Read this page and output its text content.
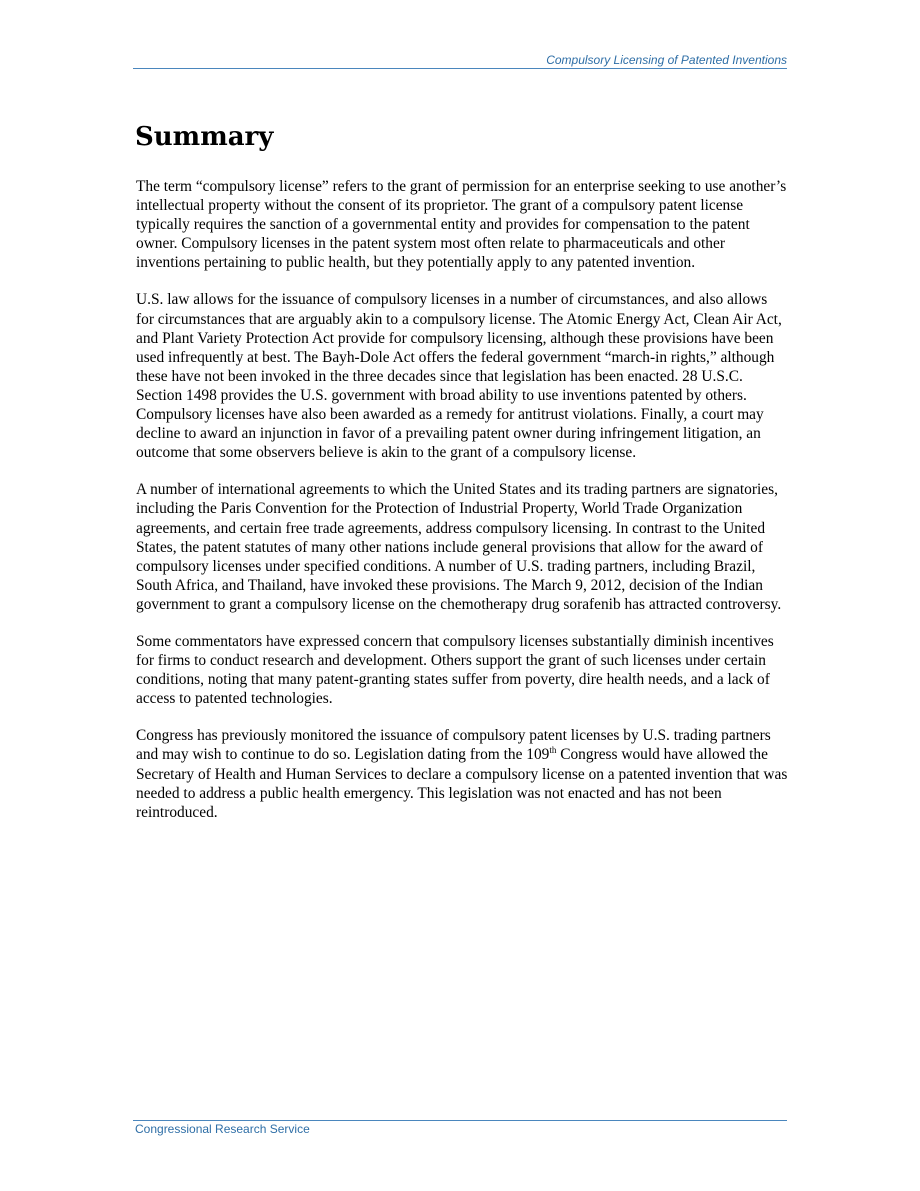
Compulsory Licensing of Patented Inventions
Summary

The term “compulsory license” refers to the grant of permission for an enterprise seeking to use another’s intellectual property without the consent of its proprietor. The grant of a compulsory patent license typically requires the sanction of a governmental entity and provides for compensation to the patent owner. Compulsory licenses in the patent system most often relate to pharmaceuticals and other inventions pertaining to public health, but they potentially apply to any patented invention.

U.S. law allows for the issuance of compulsory licenses in a number of circumstances, and also allows for circumstances that are arguably akin to a compulsory license. The Atomic Energy Act, Clean Air Act, and Plant Variety Protection Act provide for compulsory licensing, although these provisions have been used infrequently at best. The Bayh-Dole Act offers the federal government “march-in rights,” although these have not been invoked in the three decades since that legislation has been enacted. 28 U.S.C. Section 1498 provides the U.S. government with broad ability to use inventions patented by others. Compulsory licenses have also been awarded as a remedy for antitrust violations. Finally, a court may decline to award an injunction in favor of a prevailing patent owner during infringement litigation, an outcome that some observers believe is akin to the grant of a compulsory license.

A number of international agreements to which the United States and its trading partners are signatories, including the Paris Convention for the Protection of Industrial Property, World Trade Organization agreements, and certain free trade agreements, address compulsory licensing. In contrast to the United States, the patent statutes of many other nations include general provisions that allow for the award of compulsory licenses under specified conditions. A number of U.S. trading partners, including Brazil, South Africa, and Thailand, have invoked these provisions. The March 9, 2012, decision of the Indian government to grant a compulsory license on the chemotherapy drug sorafenib has attracted controversy.

Some commentators have expressed concern that compulsory licenses substantially diminish incentives for firms to conduct research and development. Others support the grant of such licenses under certain conditions, noting that many patent-granting states suffer from poverty, dire health needs, and a lack of access to patented technologies.

Congress has previously monitored the issuance of compulsory patent licenses by U.S. trading partners and may wish to continue to do so. Legislation dating from the 109th Congress would have allowed the Secretary of Health and Human Services to declare a compulsory license on a patented invention that was needed to address a public health emergency. This legislation was not enacted and has not been reintroduced.

Congressional Research Service
